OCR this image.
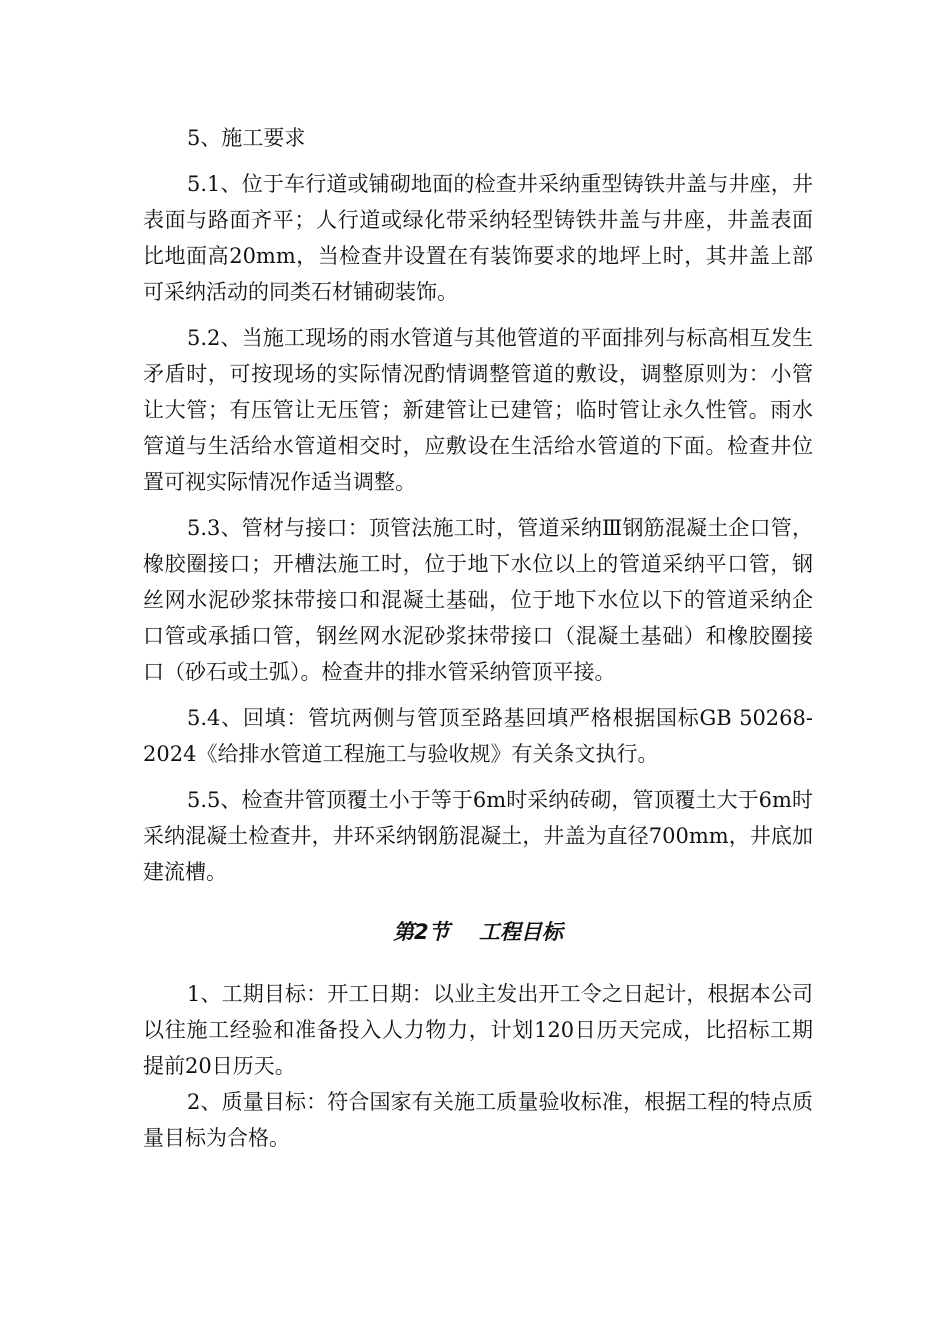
5、施工要求

5.1、位于车行道或铺砌地面的检查井采纳重型铸铁井盖与井座，井表面与路面齐平；人行道或绿化带采纳轻型铸铁井盖与井座，井盖表面比地面高20mm，当检查井设置在有装饰要求的地坪上时，其井盖上部可采纳活动的同类石材铺砌装饰。

5.2、当施工现场的雨水管道与其他管道的平面排列与标高相互发生矛盾时，可按现场的实际情况酌情调整管道的敷设，调整原则为：小管让大管；有压管让无压管；新建管让已建管；临时管让永久性管。雨水管道与生活给水管道相交时，应敷设在生活给水管道的下面。检查井位置可视实际情况作适当调整。

5.3、管材与接口：顶管法施工时，管道采纳Ⅲ钢筋混凝土企口管，橡胶圈接口；开槽法施工时，位于地下水位以上的管道采纳平口管，钢丝网水泥砂浆抹带接口和混凝土基础，位于地下水位以下的管道采纳企口管或承插口管，钢丝网水泥砂浆抹带接口（混凝土基础）和橡胶圈接口（砂石或土弧）。检查井的排水管采纳管顶平接。

5.4、回填：管坑两侧与管顶至路基回填严格根据国标GB 50268-2024《给排水管道工程施工与验收规》有关条文执行。

5.5、检查井管顶覆土小于等于6m时采纳砖砌，管顶覆土大于6m时采纳混凝土检查井，井环采纳钢筋混凝土，井盖为直径700mm，井底加建流槽。

第2节    工程目标

1、工期目标：开工日期：以业主发出开工令之日起计，根据本公司以往施工经验和准备投入人力物力，计划120日历天完成，比招标工期提前20日历天。

2、质量目标：符合国家有关施工质量验收标准，根据工程的特点质量目标为合格。
